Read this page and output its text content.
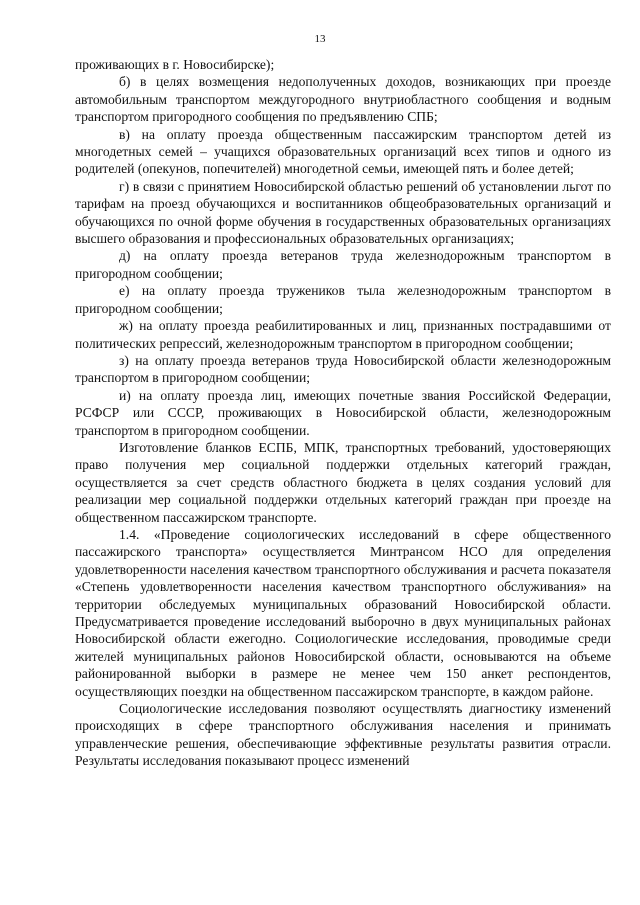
13

проживающих в г. Новосибирске);

б) в целях возмещения недополученных доходов, возникающих при проезде автомобильным транспортом междугородного внутриобластного сообщения и водным транспортом пригородного сообщения по предъявлению СПБ;

в) на оплату проезда общественным пассажирским транспортом детей из многодетных семей – учащихся образовательных организаций всех типов и одного из родителей (опекунов, попечителей) многодетной семьи, имеющей пять и более детей;

г) в связи с принятием Новосибирской областью решений об установлении льгот по тарифам на проезд обучающихся и воспитанников общеобразовательных организаций и обучающихся по очной форме обучения в государственных образовательных организациях высшего образования и профессиональных образовательных организациях;

д) на оплату проезда ветеранов труда железнодорожным транспортом в пригородном сообщении;

е) на оплату проезда тружеников тыла железнодорожным транспортом в пригородном сообщении;

ж) на оплату проезда реабилитированных и лиц, признанных пострадавшими от политических репрессий, железнодорожным транспортом в пригородном сообщении;

з) на оплату проезда ветеранов труда Новосибирской области железнодорожным транспортом в пригородном сообщении;

и) на оплату проезда лиц, имеющих почетные звания Российской Федерации, РСФСР или СССР, проживающих в Новосибирской области, железнодорожным транспортом в пригородном сообщении.

Изготовление бланков ЕСПБ, МПК, транспортных требований, удостоверяющих право получения мер социальной поддержки отдельных категорий граждан, осуществляется за счет средств областного бюджета в целях создания условий для реализации мер социальной поддержки отдельных категорий граждан при проезде на общественном пассажирском транспорте.

1.4. «Проведение социологических исследований в сфере общественного пассажирского транспорта» осуществляется Минтрансом НСО для определения удовлетворенности населения качеством транспортного обслуживания и расчета показателя «Степень удовлетворенности населения качеством транспортного обслуживания» на территории обследуемых муниципальных образований Новосибирской области. Предусматривается проведение исследований выборочно в двух муниципальных районах Новосибирской области ежегодно. Социологические исследования, проводимые среди жителей муниципальных районов Новосибирской области, основываются на объеме районированной выборки в размере не менее чем 150 анкет респондентов, осуществляющих поездки на общественном пассажирском транспорте, в каждом районе.

Социологические исследования позволяют осуществлять диагностику изменений происходящих в сфере транспортного обслуживания населения и принимать управленческие решения, обеспечивающие эффективные результаты развития отрасли. Результаты исследования показывают процесс изменений
